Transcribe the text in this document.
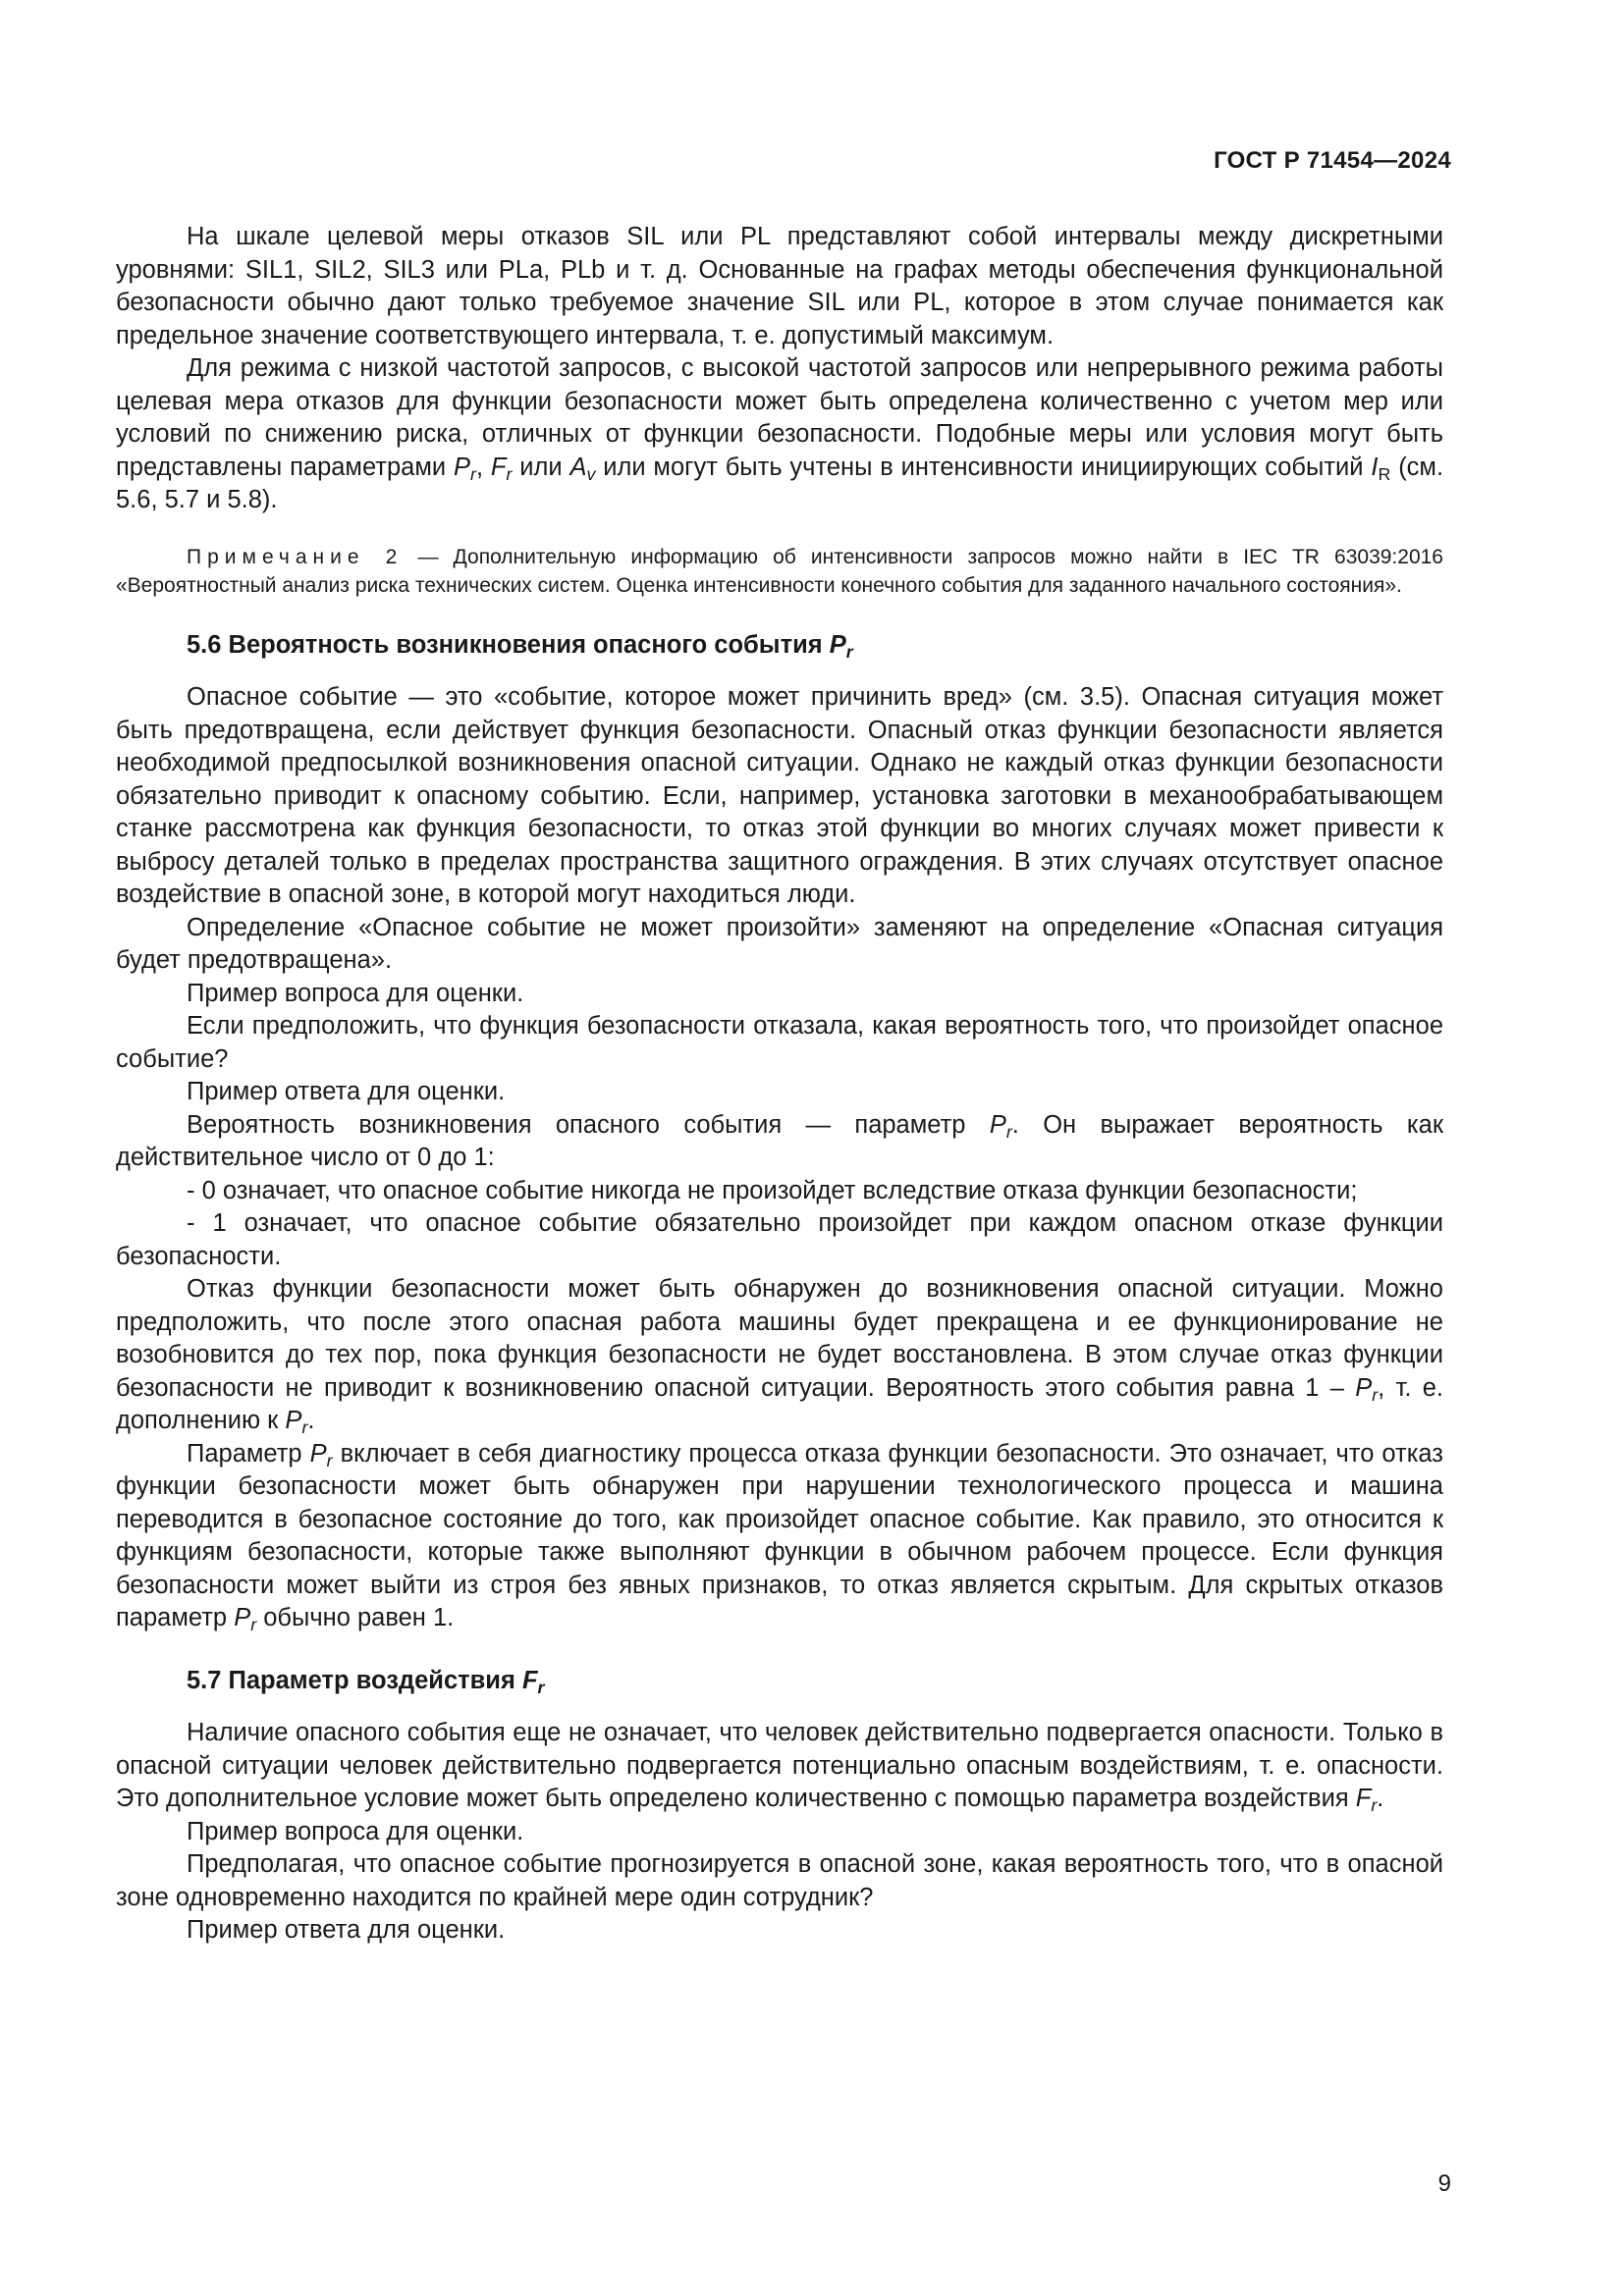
ГОСТ Р 71454—2024

На шкале целевой меры отказов SIL или PL представляют собой интервалы между дискретными уровнями: SIL1, SIL2, SIL3 или PLa, PLb и т. д. Основанные на графах методы обеспечения функциональной безопасности обычно дают только требуемое значение SIL или PL, которое в этом случае понимается как предельное значение соответствующего интервала, т. е. допустимый максимум.

Для режима с низкой частотой запросов, с высокой частотой запросов или непрерывного режима работы целевая мера отказов для функции безопасности может быть определена количественно с учетом мер или условий по снижению риска, отличных от функции безопасности. Подобные меры или условия могут быть представлены параметрами $P_r$, $F_r$ или $A_v$ или могут быть учтены в интенсивности инициирующих событий $I_R$ (см. 5.6, 5.7 и 5.8).

Примечание 2 — Дополнительную информацию об интенсивности запросов можно найти в IEC TR 63039:2016 «Вероятностный анализ риска технических систем. Оценка интенсивности конечного события для заданного начального состояния».

5.6 Вероятность возникновения опасного события $P_r$

Опасное событие — это «событие, которое может причинить вред» (см. 3.5). Опасная ситуация может быть предотвращена, если действует функция безопасности. Опасный отказ функции безопасности является необходимой предпосылкой возникновения опасной ситуации. Однако не каждый отказ функции безопасности обязательно приводит к опасному событию. Если, например, установка заготовки в механообрабатывающем станке рассмотрена как функция безопасности, то отказ этой функции во многих случаях может привести к выбросу деталей только в пределах пространства защитного ограждения. В этих случаях отсутствует опасное воздействие в опасной зоне, в которой могут находиться люди.

Определение «Опасное событие не может произойти» заменяют на определение «Опасная ситуация будет предотвращена».

Пример вопроса для оценки.

Если предположить, что функция безопасности отказала, какая вероятность того, что произойдет опасное событие?

Пример ответа для оценки.

Вероятность возникновения опасного события — параметр $P_r$. Он выражает вероятность как действительное число от 0 до 1:

- 0 означает, что опасное событие никогда не произойдет вследствие отказа функции безопасности;

- 1 означает, что опасное событие обязательно произойдет при каждом опасном отказе функции безопасности.

Отказ функции безопасности может быть обнаружен до возникновения опасной ситуации. Можно предположить, что после этого опасная работа машины будет прекращена и ее функционирование не возобновится до тех пор, пока функция безопасности не будет восстановлена. В этом случае отказ функции безопасности не приводит к возникновению опасной ситуации. Вероятность этого события равна $1 - P_r$, т. е. дополнению к $P_r$.

Параметр $P_r$ включает в себя диагностику процесса отказа функции безопасности. Это означает, что отказ функции безопасности может быть обнаружен при нарушении технологического процесса и машина переводится в безопасное состояние до того, как произойдет опасное событие. Как правило, это относится к функциям безопасности, которые также выполняют функции в обычном рабочем процессе. Если функция безопасности может выйти из строя без явных признаков, то отказ является скрытым. Для скрытых отказов параметр $P_r$ обычно равен 1.

5.7 Параметр воздействия $F_r$

Наличие опасного события еще не означает, что человек действительно подвергается опасности. Только в опасной ситуации человек действительно подвергается потенциально опасным воздействиям, т. е. опасности. Это дополнительное условие может быть определено количественно с помощью параметра воздействия $F_r$.

Пример вопроса для оценки.

Предполагая, что опасное событие прогнозируется в опасной зоне, какая вероятность того, что в опасной зоне одновременно находится по крайней мере один сотрудник?

Пример ответа для оценки.

9
